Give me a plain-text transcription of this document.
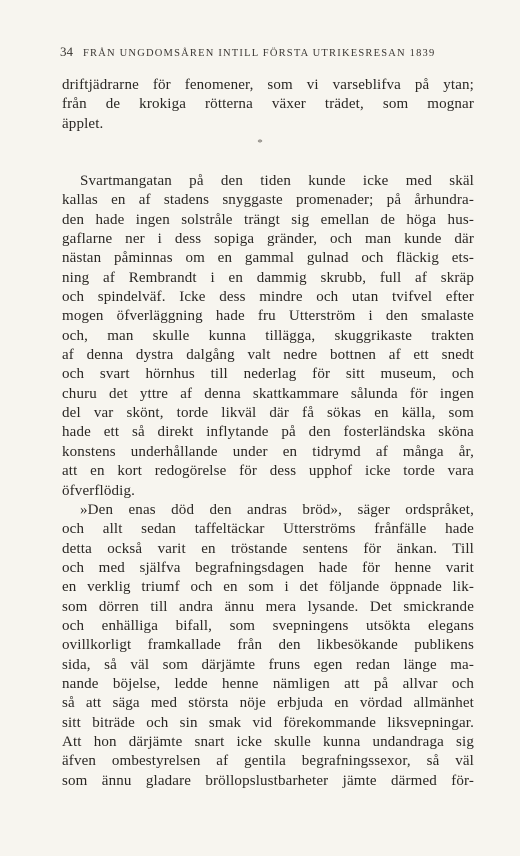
34 FRÅN UNGDOMSÅREN INTILL FÖRSTA UTRIKESRESAN 1839
driftjädrarne för fenomener, som vi varseblifva på ytan;
från de krokiga rötterna växer trädet, som mognar
äpplet.
*
Svartmangatan på den tiden kunde icke med skäl
kallas en af stadens snyggaste promenader; på århundra-
den hade ingen solstråle trängt sig emellan de höga hus-
gaflarne ner i dess sopiga gränder, och man kunde där
nästan påminnas om en gammal gulnad och fläckig ets-
ning af Rembrandt i en dammig skrubb, full af skräp
och spindelväf. Icke dess mindre och utan tvifvel efter
mogen öfverläggning hade fru Utterström i den smalaste
och, man skulle kunna tillägga, skuggrikaste trakten
af denna dystra dalgång valt nedre bottnen af ett snedt
och svart hörnhus till nederlag för sitt museum, och
churu det yttre af denna skattkammare sålunda för ingen
del var skönt, torde likväl där få sökas en källa, som
hade ett så direkt inflytande på den fosterländska sköna
konstens underhållande under en tidrymd af många år,
att en kort redogörelse för dess upphof icke torde vara
öfverflödig.
»Den enas död den andras bröd», säger ordspråket,
och allt sedan taffeltäckar Utterströms frånfälle hade
detta också varit en tröstande sentens för änkan. Till
och med själfva begrafningsdagen hade för henne varit
en verklig triumf och en som i det följande öppnade lik-
som dörren till andra ännu mera lysande. Det smickrande
och enhälliga bifall, som svepningens utsökta elegans
ovillkorligt framkallade från den likbesökande publikens
sida, så väl som därjämte fruns egen redan länge ma-
nande böjelse, ledde henne nämligen att på allvar och
så att säga med största nöje erbjuda en vördad allmänhet
sitt biträde och sin smak vid förekommande liksvepningar.
Att hon därjämte snart icke skulle kunna undandraga sig
äfven ombestyrelsen af gentila begrafningssexor, så väl
som ännu gladare bröllopslustbarheter jämte därmed för-
